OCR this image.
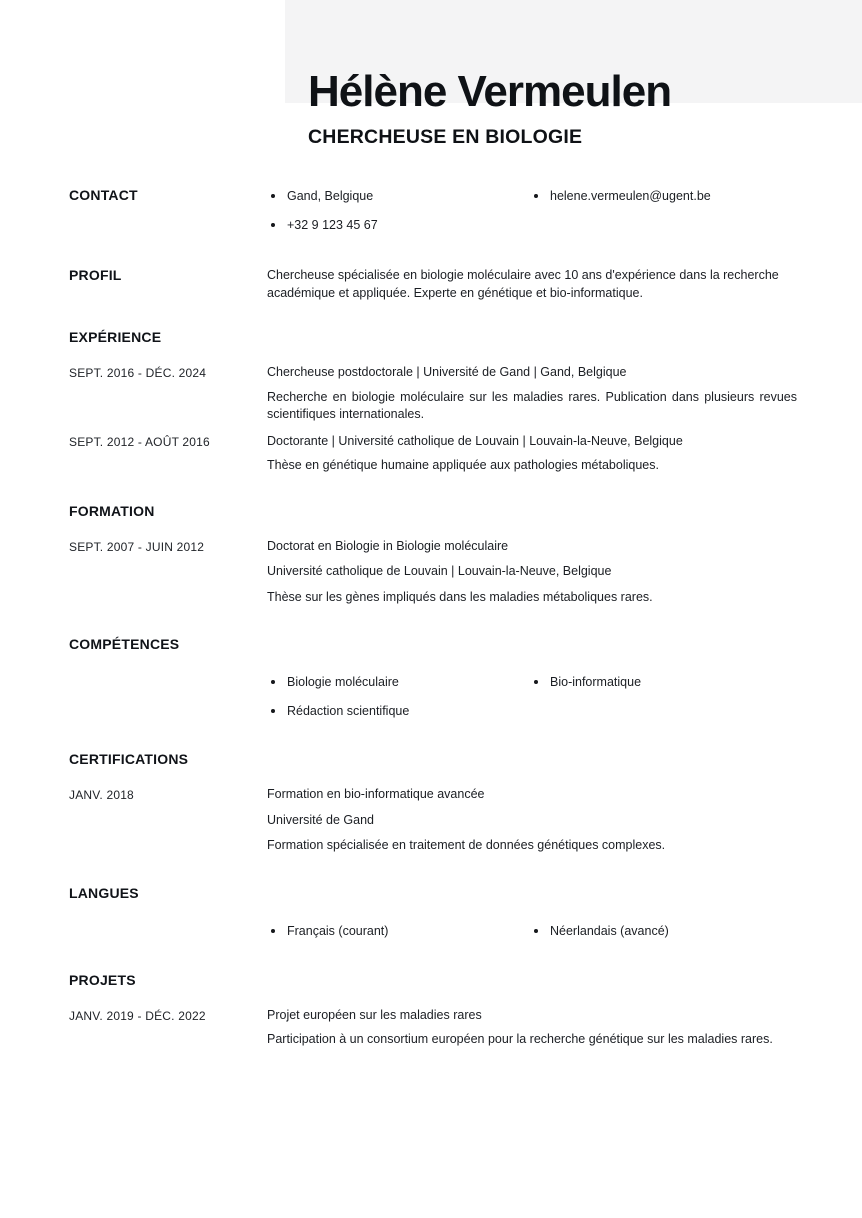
Hélène Vermeulen
CHERCHEUSE EN BIOLOGIE
CONTACT	Gand, Belgique	helene.vermeulen@ugent.be
+32 9 123 45 67
PROFIL	Chercheuse spécialisée en biologie moléculaire avec 10 ans d'expérience dans la recherche académique et appliquée. Experte en génétique et bio-informatique.

EXPÉRIENCE
SEPT. 2016 - DÉC. 2024	Chercheuse postdoctorale | Université de Gand | Gand, Belgique

Recherche en biologie moléculaire sur les maladies rares. Publication dans plusieurs revues scientifiques internationales.

SEPT. 2012 - AOÛT 2016	Doctorante | Université catholique de Louvain | Louvain-la-Neuve, Belgique

Thèse en génétique humaine appliquée aux pathologies métaboliques.

FORMATION
SEPT. 2007 - JUIN 2012	Doctorat en Biologie in Biologie moléculaire

Université catholique de Louvain | Louvain-la-Neuve, Belgique

Thèse sur les gènes impliqués dans les maladies métaboliques rares.

COMPÉTENCES
Biologie moléculaire	Bio-informatique
Rédaction scientifique
CERTIFICATIONS
JANV. 2018	Formation en bio-informatique avancée

Université de Gand

Formation spécialisée en traitement de données génétiques complexes.

LANGUES
Français (courant)	Néerlandais (avancé)
PROJETS
JANV. 2019 - DÉC. 2022	Projet européen sur les maladies rares

Participation à un consortium européen pour la recherche génétique sur les maladies rares.
